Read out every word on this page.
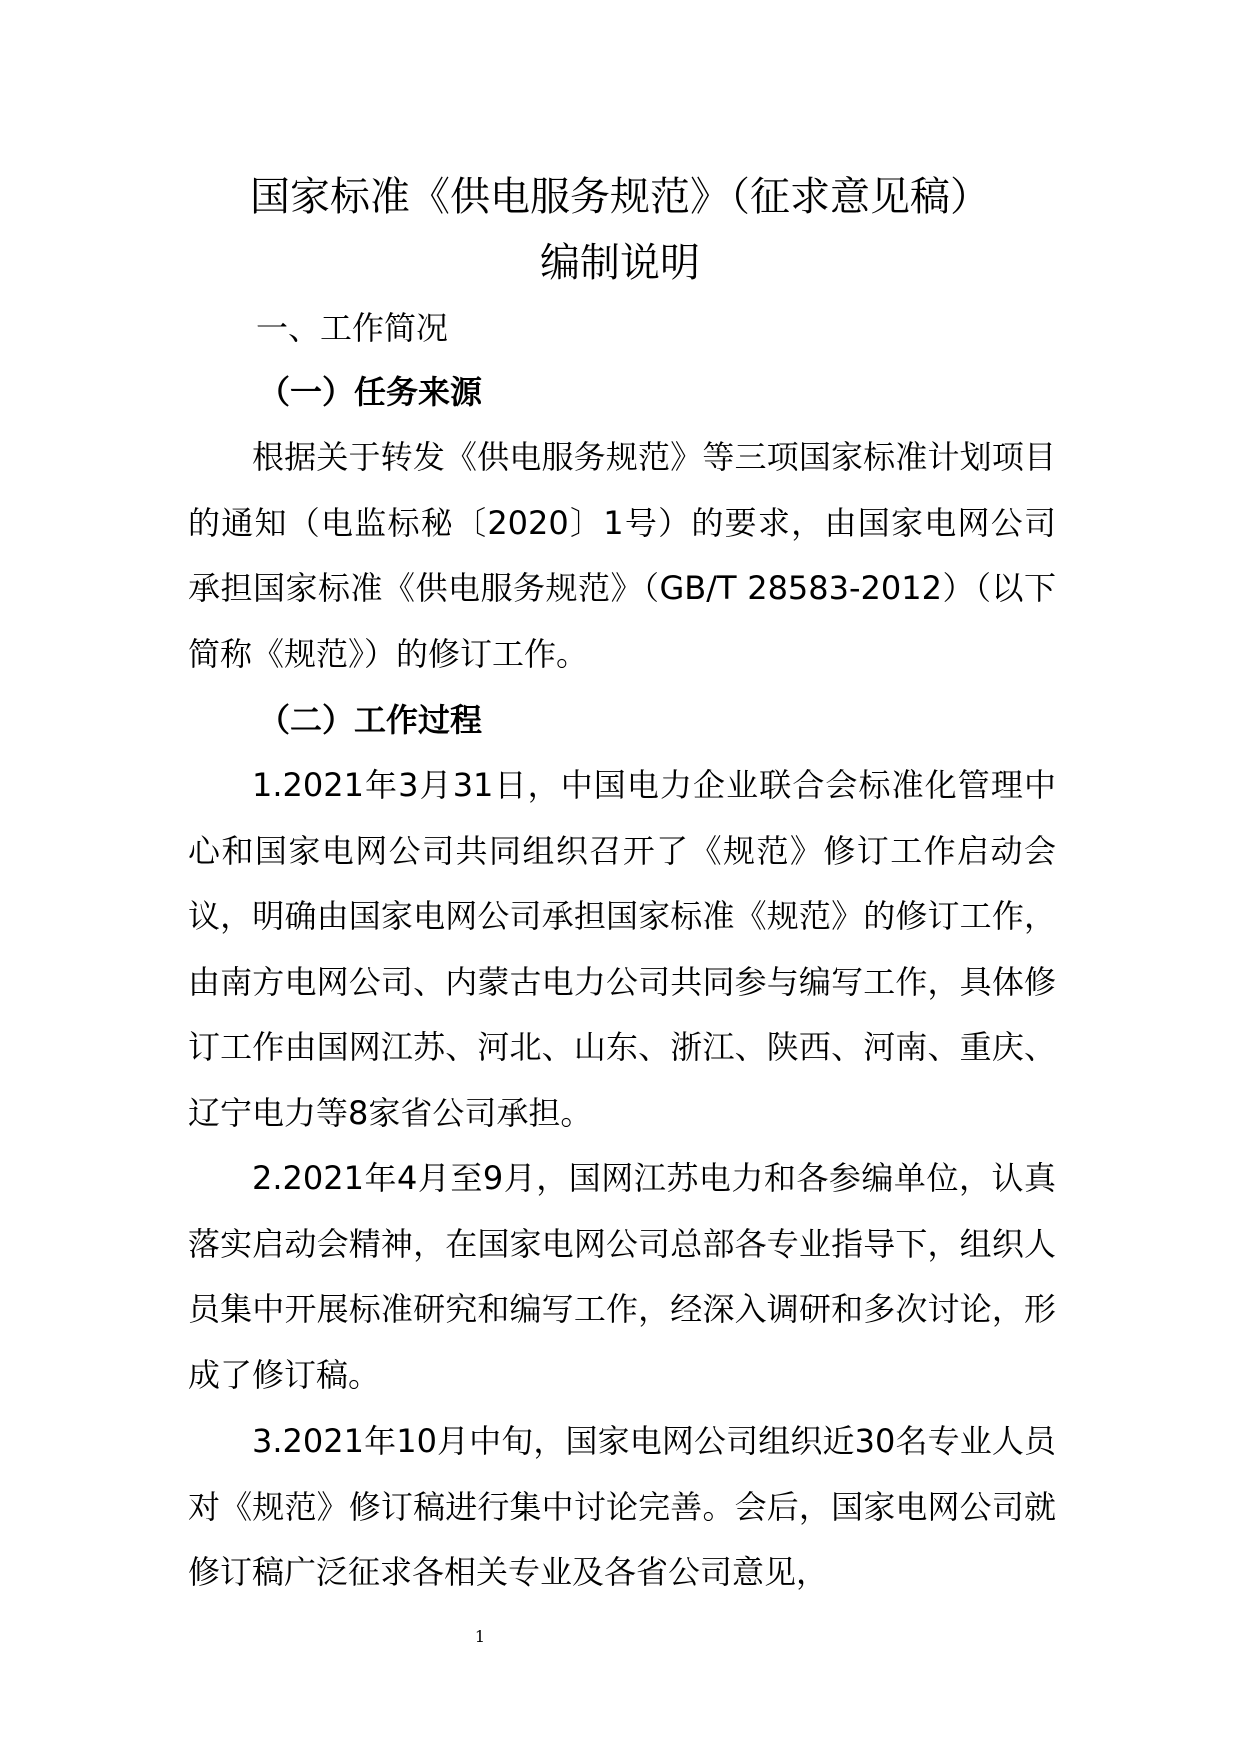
国家标准《供电服务规范》（征求意见稿）
编制说明
一、工作简况
（一）任务来源

根据关于转发《供电服务规范》等三项国家标准计划项目的通知（电监标秘〔2020〕1号）的要求，由国家电网公司承担国家标准《供电服务规范》（GB/T 28583-2012）（以下简称《规范》）的修订工作。

（二）工作过程

1.2021年3月31日，中国电力企业联合会标准化管理中心和国家电网公司共同组织召开了《规范》修订工作启动会议，明确由国家电网公司承担国家标准《规范》的修订工作，由南方电网公司、内蒙古电力公司共同参与编写工作，具体修订工作由国网江苏、河北、山东、浙江、陕西、河南、重庆、辽宁电力等8家省公司承担。

2.2021年4月至9月，国网江苏电力和各参编单位，认真落实启动会精神，在国家电网公司总部各专业指导下，组织人员集中开展标准研究和编写工作，经深入调研和多次讨论，形成了修订稿。

3.2021年10月中旬，国家电网公司组织近30名专业人员对《规范》修订稿进行集中讨论完善。会后，国家电网公司就修订稿广泛征求各相关专业及各省公司意见，

1
